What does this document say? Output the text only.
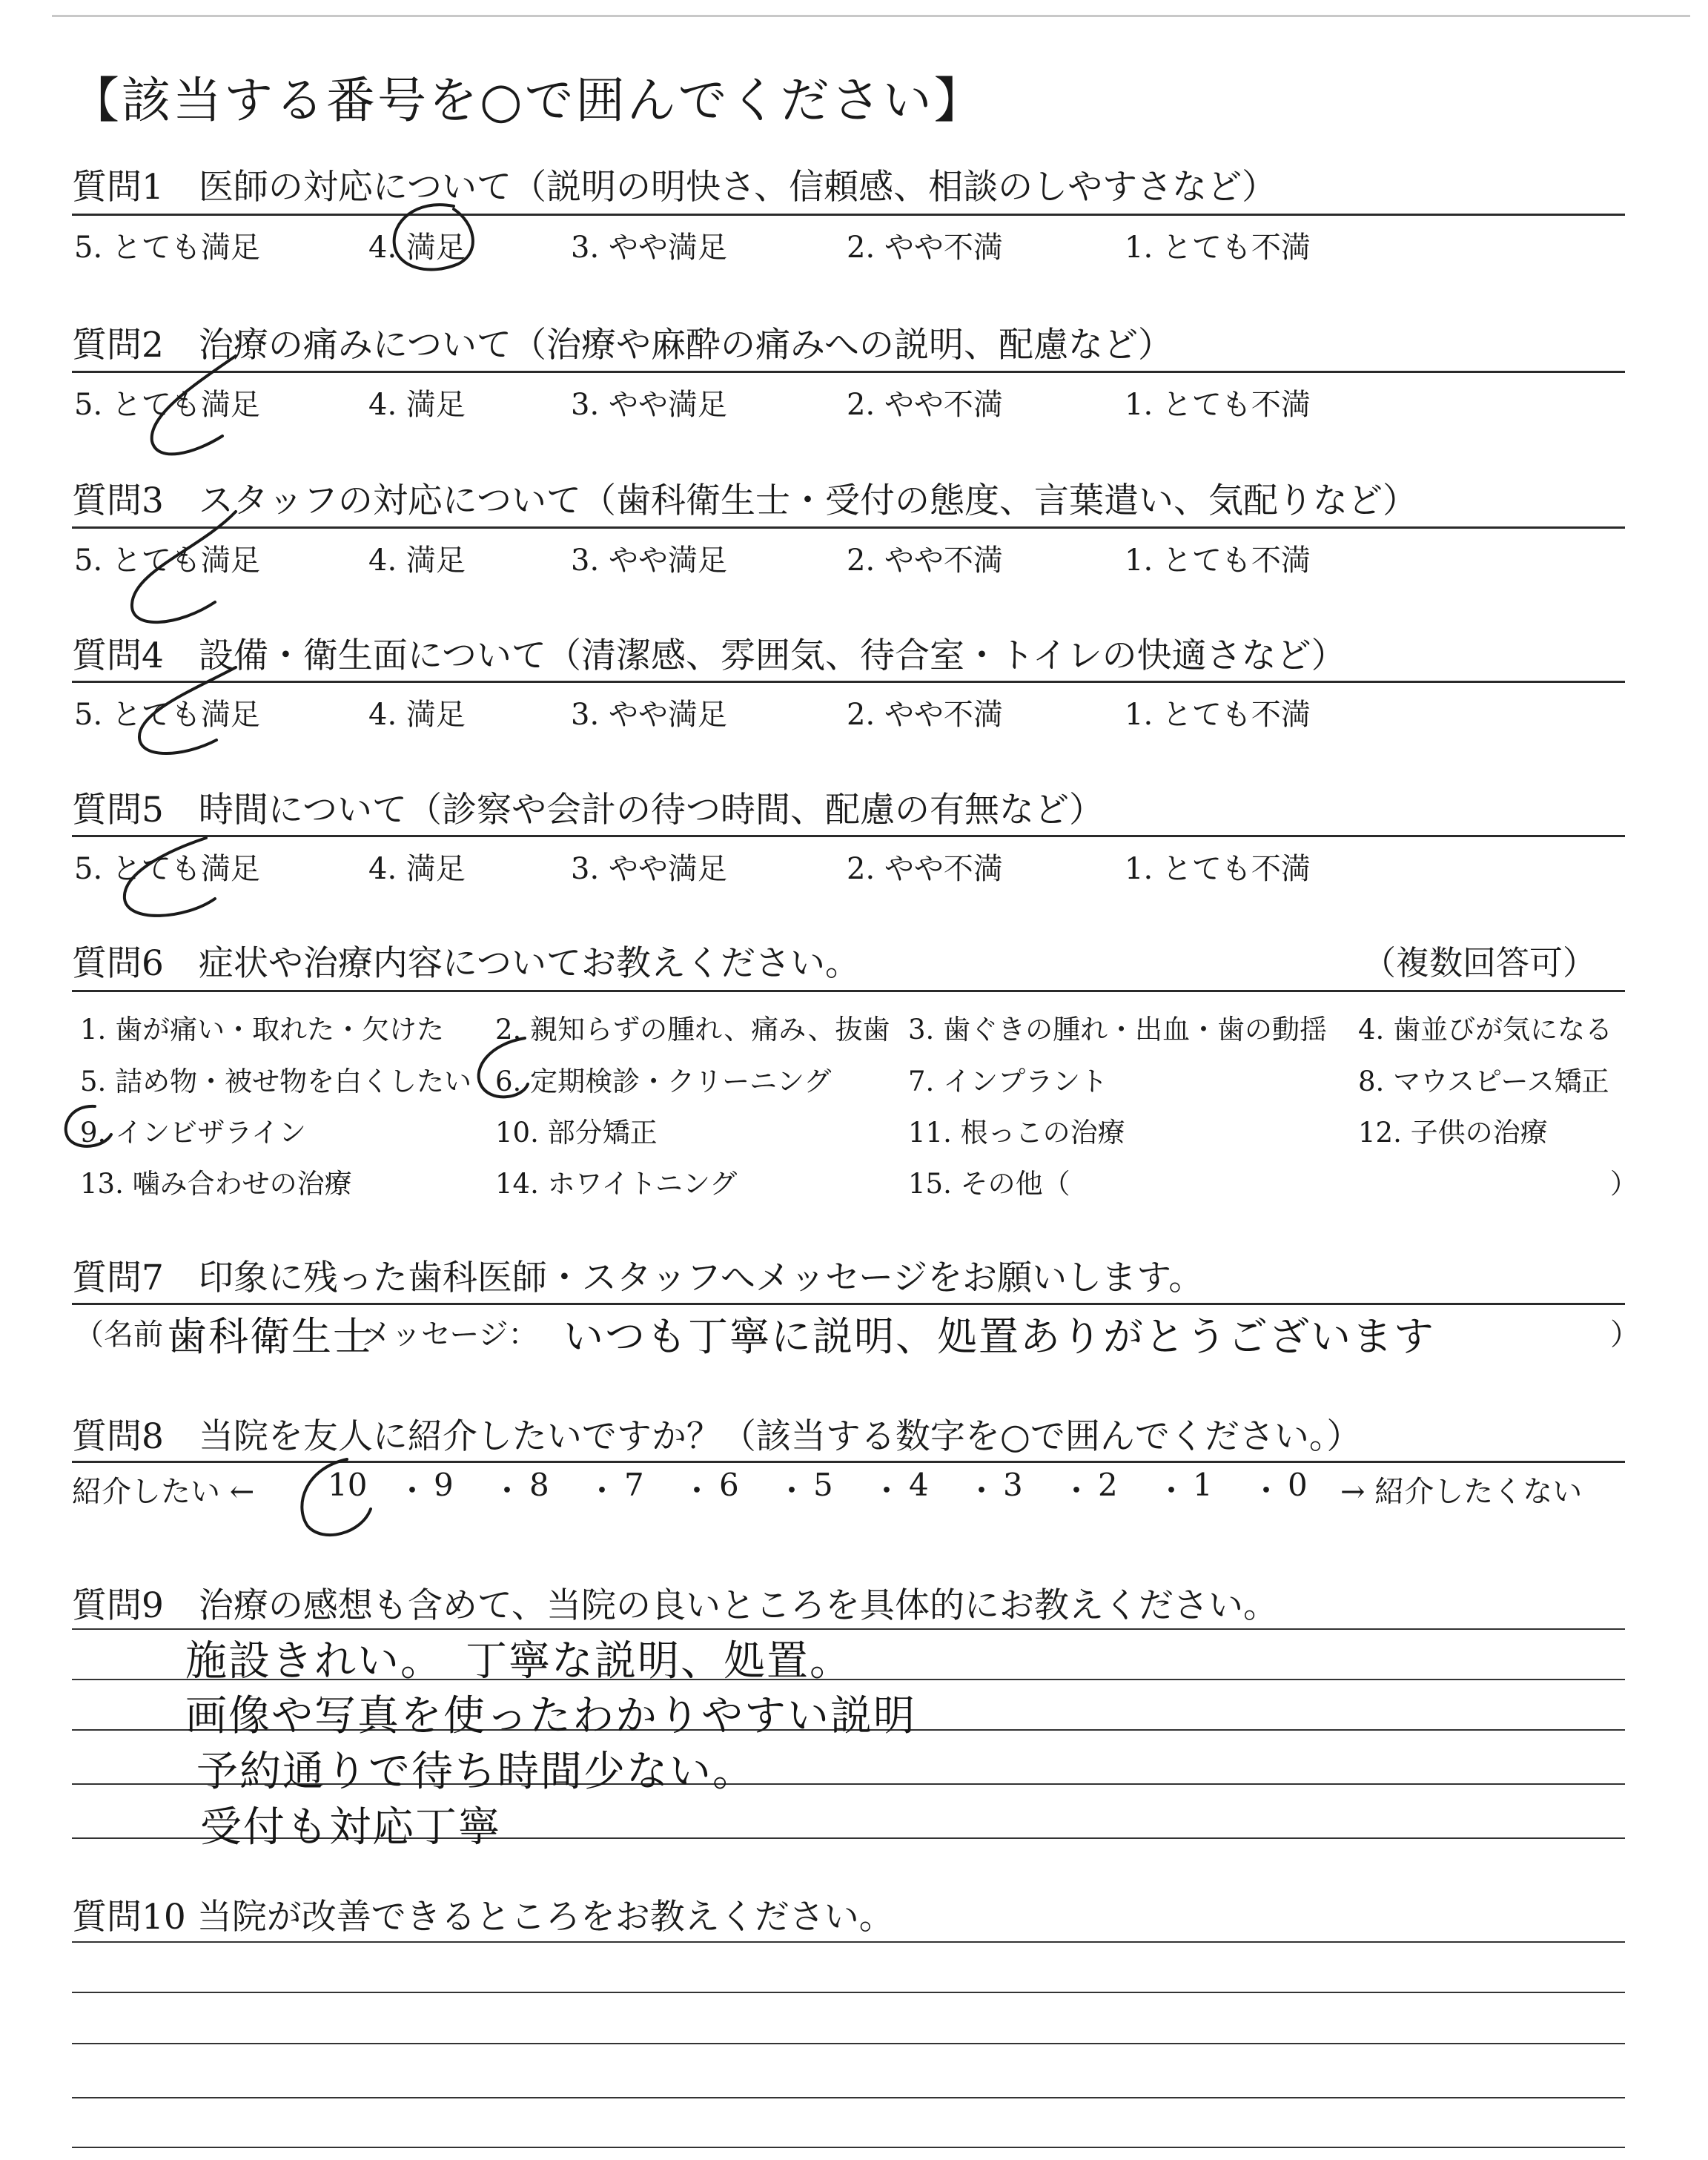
【該当する番号を○で囲んでください】
質問1　医師の対応について（説明の明快さ、信頼感、相談のしやすさなど）
5. とても満足	4. 満足	3. やや満足	2. やや不満	1. とても不満
質問2　治療の痛みについて（治療や麻酔の痛みへの説明、配慮など）
5. とても満足	4. 満足	3. やや満足	2. やや不満	1. とても不満
質問3　スタッフの対応について（歯科衛生士・受付の態度、言葉遣い、気配りなど）
5. とても満足	4. 満足	3. やや満足	2. やや不満	1. とても不満
質問4　設備・衛生面について（清潔感、雰囲気、待合室・トイレの快適さなど）
5. とても満足	4. 満足	3. やや満足	2. やや不満	1. とても不満
質問5　時間について（診察や会計の待つ時間、配慮の有無など）
5. とても満足	4. 満足	3. やや満足	2. やや不満	1. とても不満
質問6　症状や治療内容についてお教えください。	（複数回答可）
1. 歯が痛い・取れた・欠けた 2. 親知らずの腫れ、痛み、抜歯 3. 歯ぐきの腫れ・出血・歯の動揺 4. 歯並びが気になる
5. 詰め物・被せ物を白くしたい 6. 定期検診・クリーニング	7. インプラント	8. マウスピース矯正
9. インビザライン	10. 部分矯正	11. 根っこの治療	12. 子供の治療
13. 噛み合わせの治療	14. ホワイトニング	15. その他（	）
質問7　印象に残った歯科医師・スタッフへメッセージをお願いします。
（名前 歯科衛生士
メッセージ： いつも丁寧に説明、処置ありがとうございます	）
質問8　当院を友人に紹介したいですか？（該当する数字を○で囲んでください。）
紹介したい ← 10 9 8 7 6 5 4 3 2 1 0
・ ・ ・ ・ ・ ・ ・ ・ ・ ・ → 紹介したくない
質問9　治療の感想も含めて、当院の良いところを具体的にお教えください。
施設きれい。　丁寧な説明、処置。
画像や写真を使ったわかりやすい説明
予約通りで待ち時間少ない。
受付も対応丁寧
質問10 当院が改善できるところをお教えください。
